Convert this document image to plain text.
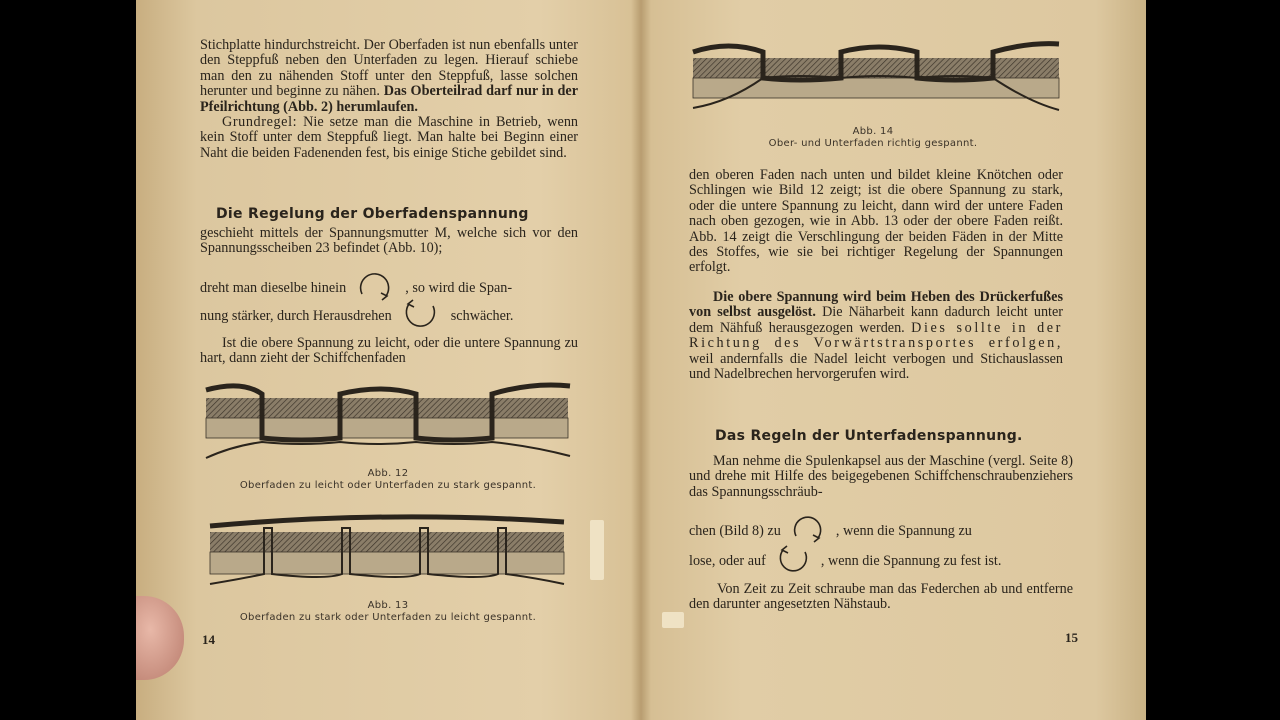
Stichplatte hindurchstreicht. Der Oberfaden ist nun ebenfalls unter den Steppfuß neben den Unterfaden zu legen. Hierauf schiebe man den zu nähenden Stoff unter den Steppfuß, lasse solchen herunter und beginne zu nähen. Das Oberteilrad darf nur in der Pfeilrichtung (Abb. 2) herumlaufen.

Grundregel: Nie setze man die Maschine in Betrieb, wenn kein Stoff unter dem Steppfuß liegt. Man halte bei Beginn einer Naht die beiden Fadenenden fest, bis einige Stiche gebildet sind.

Die Regelung der Oberfadenspannung
geschieht mittels der Spannungsmutter M, welche sich vor den Spannungsscheiben 23 befindet (Abb. 10);
dreht man dieselbe hinein	, so wird die Span-
nung stärker, durch Herausdrehen	schwächer.
Ist die obere Spannung zu leicht, oder die untere Spannung zu hart, dann zieht der Schiffchenfaden
Abb. 12
Oberfaden zu leicht oder Unterfaden zu stark gespannt.
Abb. 13
Oberfaden zu stark oder Unterfaden zu leicht gespannt.
14
Abb. 14
Ober- und Unterfaden richtig gespannt.
den oberen Faden nach unten und bildet kleine Knötchen oder Schlingen wie Bild 12 zeigt; ist die obere Spannung zu stark, oder die untere Spannung zu leicht, dann wird der untere Faden nach oben gezogen, wie in Abb. 13 oder der obere Faden reißt. Abb. 14 zeigt die Verschlingung der beiden Fäden in der Mitte des Stoffes, wie sie bei richtiger Regelung der Spannungen erfolgt.
Die obere Spannung wird beim Heben des Drückerfußes von selbst ausgelöst. Die Näharbeit kann dadurch leicht unter dem Nähfuß herausgezogen werden. Dies sollte in der Richtung des Vorwärtstransportes erfolgen, weil andernfalls die Nadel leicht verbogen und Stichauslassen und Nadelbrechen hervorgerufen wird.
Das Regeln der Unterfadenspannung.
Man nehme die Spulenkapsel aus der Maschine (vergl. Seite 8) und drehe mit Hilfe des beigegebenen Schiffchenschraubenziehers das Spannungsschräub-
chen (Bild 8) zu	, wenn die Spannung zu
lose, oder auf	, wenn die Spannung zu fest ist.
Von Zeit zu Zeit schraube man das Federchen ab und entferne den darunter angesetzten Nähstaub.
15
